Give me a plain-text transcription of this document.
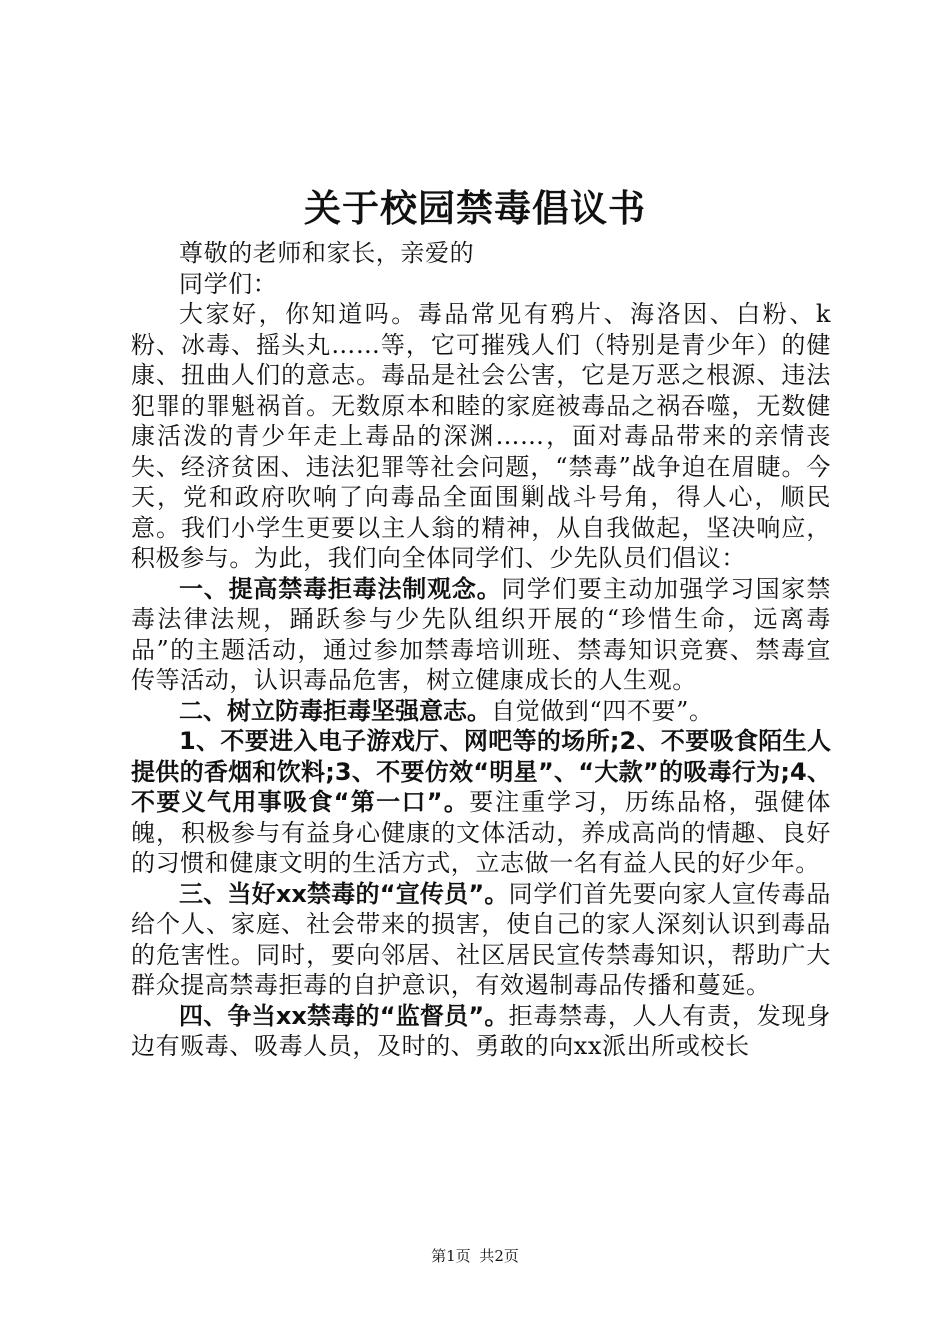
关于校园禁毒倡议书

尊敬的老师和家长，亲爱的

同学们：

大家好，你知道吗。毒品常见有鸦片、海洛因、白粉、k粉、冰毒、摇头丸……等，它可摧残人们（特别是青少年）的健康、扭曲人们的意志。毒品是社会公害，它是万恶之根源、违法犯罪的罪魁祸首。无数原本和睦的家庭被毒品之祸吞噬，无数健康活泼的青少年走上毒品的深渊……，面对毒品带来的亲情丧失、经济贫困、违法犯罪等社会问题，“禁毒”战争迫在眉睫。今天，党和政府吹响了向毒品全面围剿战斗号角，得人心，顺民意。我们小学生更要以主人翁的精神，从自我做起，坚决响应，积极参与。为此，我们向全体同学们、少先队员们倡议：

一、提高禁毒拒毒法制观念。同学们要主动加强学习国家禁毒法律法规，踊跃参与少先队组织开展的“珍惜生命，远离毒品”的主题活动，通过参加禁毒培训班、禁毒知识竞赛、禁毒宣传等活动，认识毒品危害，树立健康成长的人生观。

二、树立防毒拒毒坚强意志。自觉做到“四不要”。

1、不要进入电子游戏厅、网吧等的场所;2、不要吸食陌生人提供的香烟和饮料;3、不要仿效“明星”、“大款”的吸毒行为;4、不要义气用事吸食“第一口”。要注重学习，历练品格，强健体魄，积极参与有益身心健康的文体活动，养成高尚的情趣、良好的习惯和健康文明的生活方式，立志做一名有益人民的好少年。

三、当好xx禁毒的“宣传员”。同学们首先要向家人宣传毒品给个人、家庭、社会带来的损害，使自己的家人深刻认识到毒品的危害性。同时，要向邻居、社区居民宣传禁毒知识，帮助广大群众提高禁毒拒毒的自护意识，有效遏制毒品传播和蔓延。

四、争当xx禁毒的“监督员”。拒毒禁毒，人人有责，发现身边有贩毒、吸毒人员，及时的、勇敢的向xx派出所或校长

第1页 共2页
